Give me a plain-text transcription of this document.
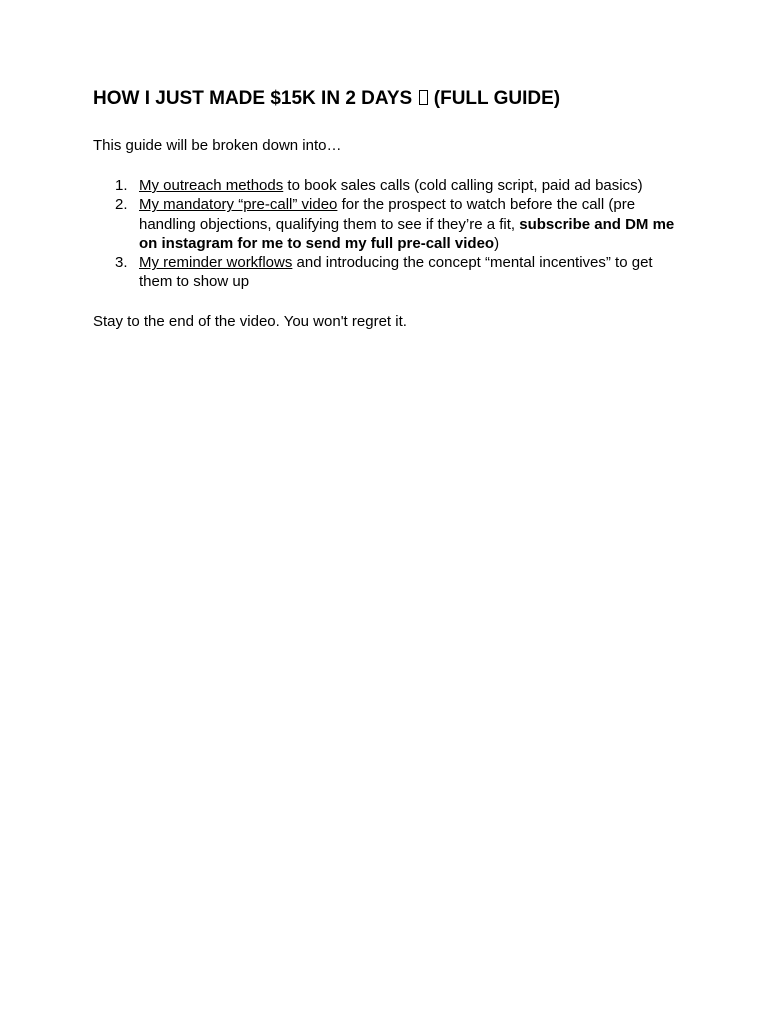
HOW I JUST MADE $15K IN 2 DAYS (FULL GUIDE)

This guide will be broken down into…

1. My outreach methods to book sales calls (cold calling script, paid ad basics)
2. My mandatory “pre-call” video for the prospect to watch before the call (pre handling objections, qualifying them to see if they’re a fit, subscribe and DM me on instagram for me to send my full pre-call video)
3. My reminder workflows and introducing the concept “mental incentives” to get them to show up

Stay to the end of the video. You won't regret it.
